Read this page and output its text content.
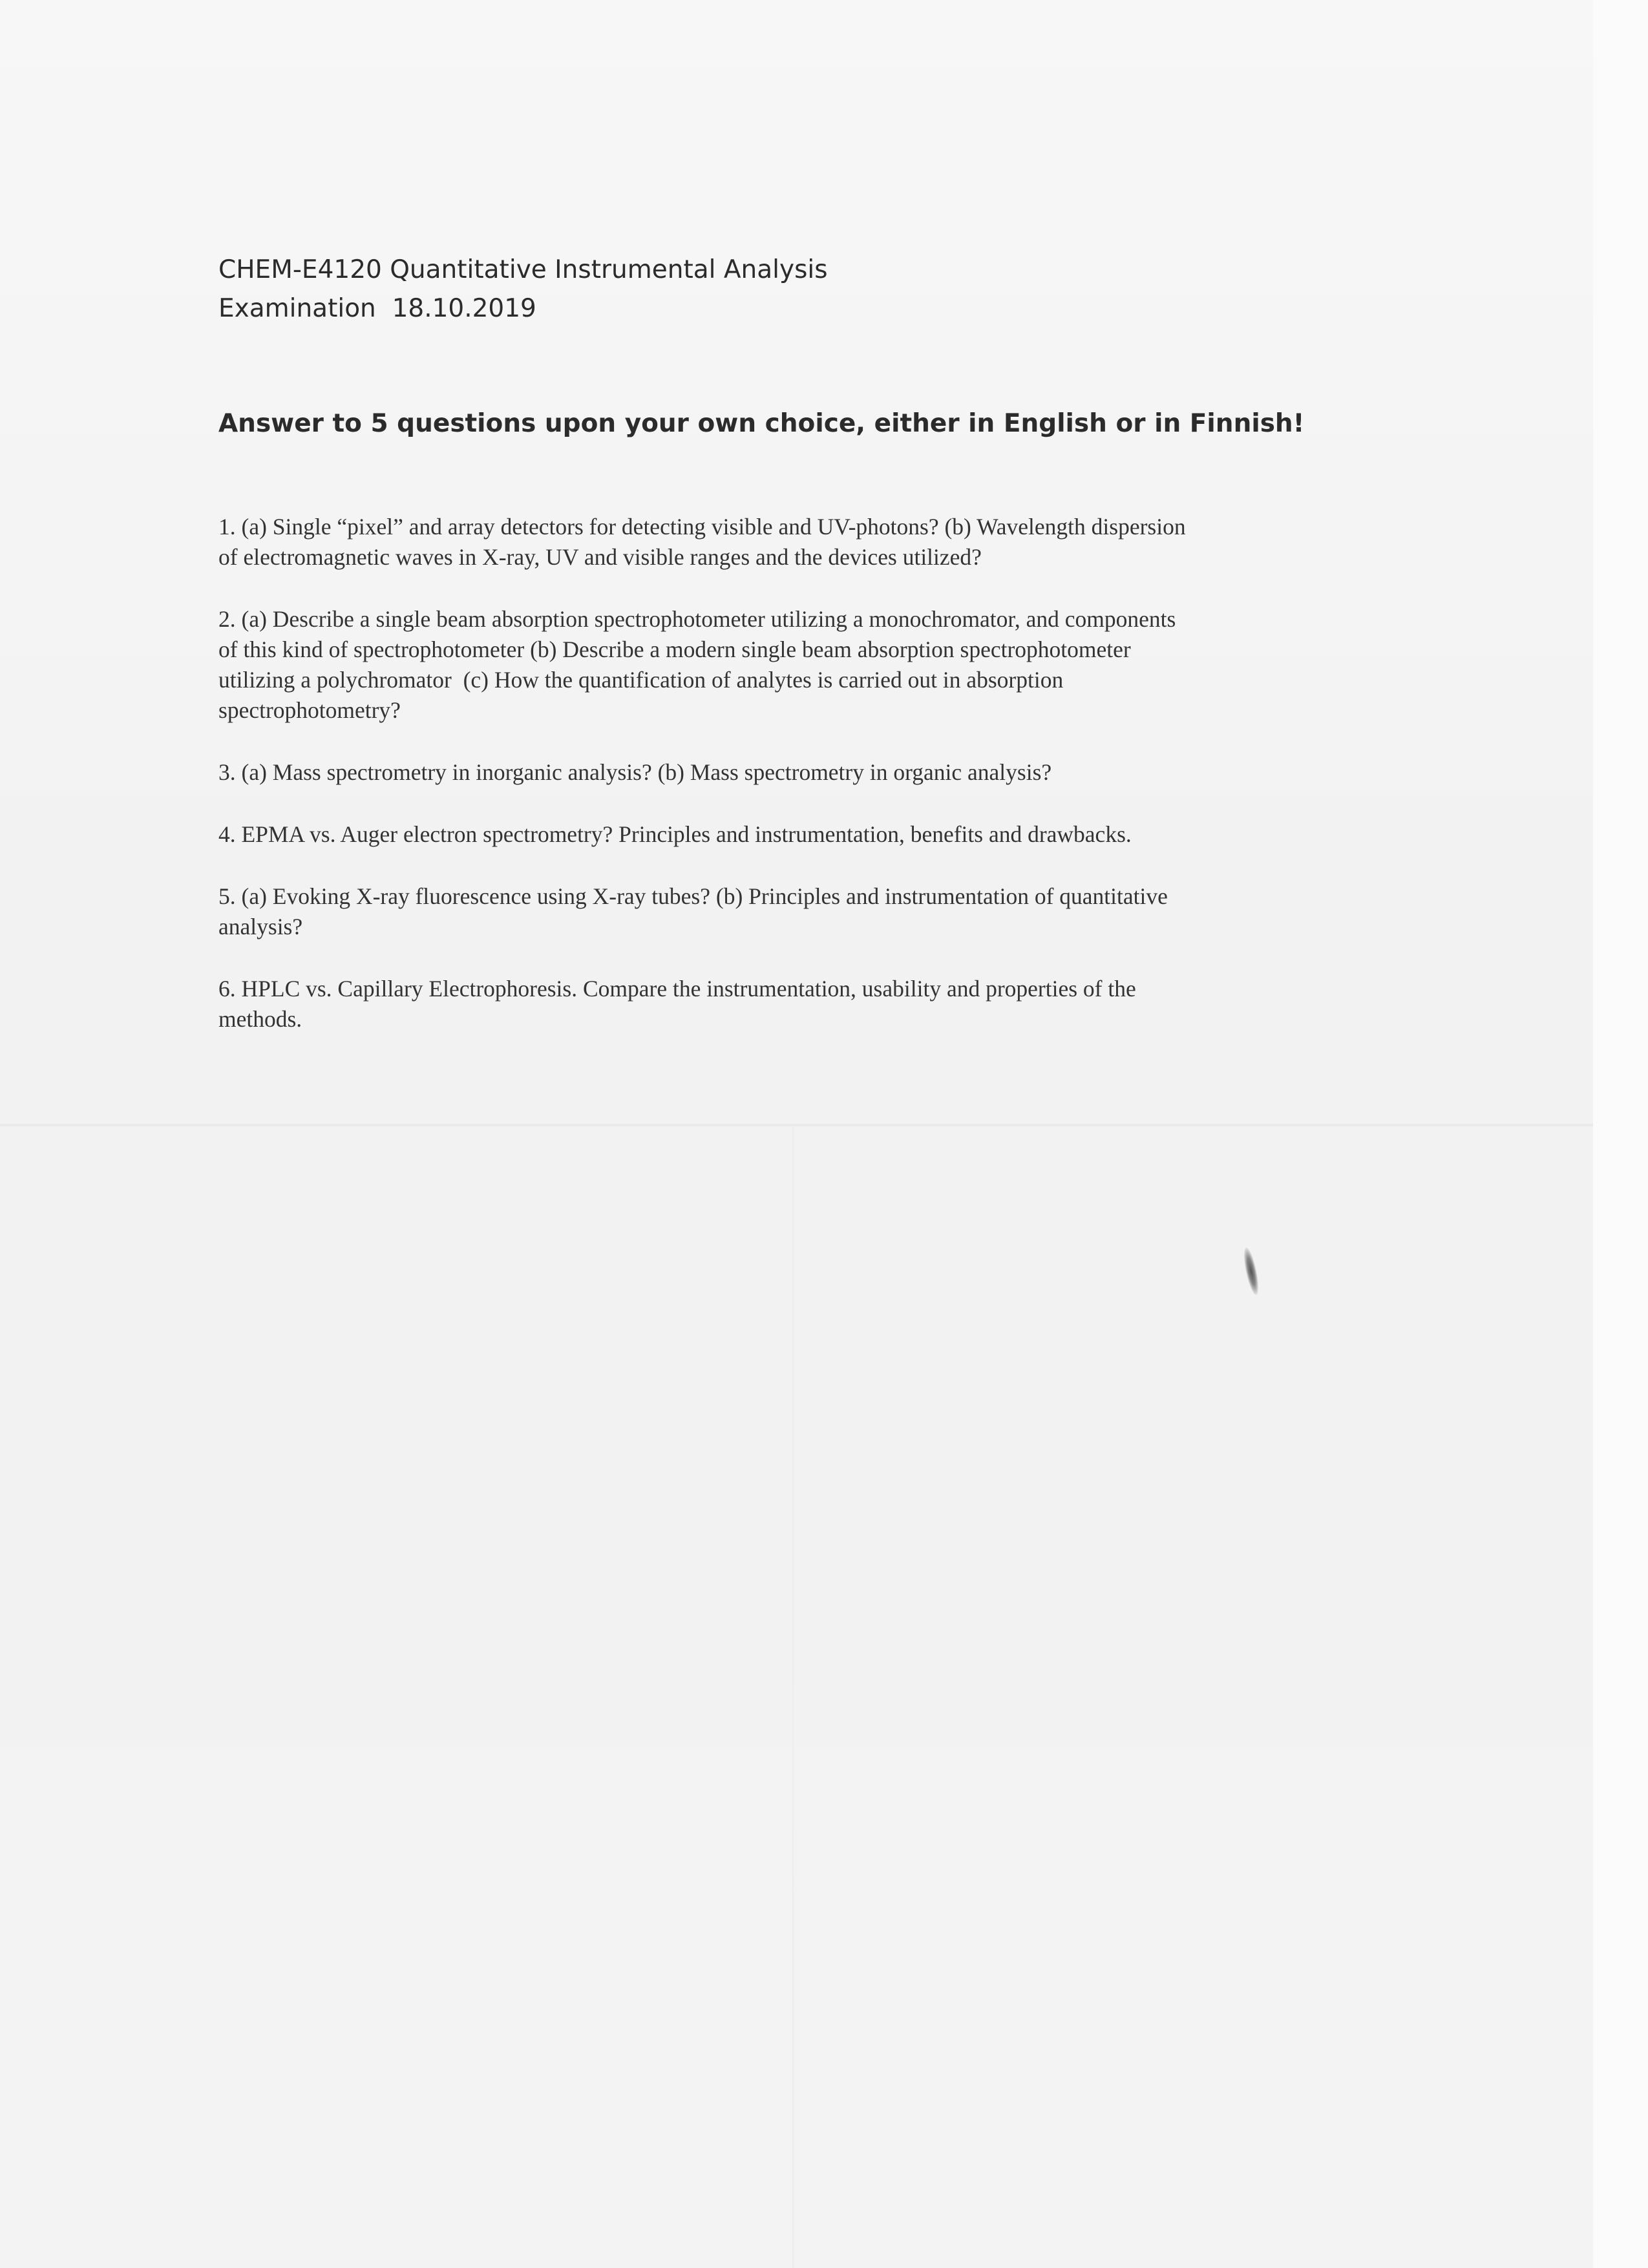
CHEM-E4120 Quantitative Instrumental Analysis
Examination  18.10.2019
Answer to 5 questions upon your own choice, either in English or in Finnish!
1. (a) Single “pixel” and array detectors for detecting visible and UV-photons? (b) Wavelength dispersion
of electromagnetic waves in X-ray, UV and visible ranges and the devices utilized?
2. (a) Describe a single beam absorption spectrophotometer utilizing a monochromator, and components
of this kind of spectrophotometer (b) Describe a modern single beam absorption spectrophotometer
utilizing a polychromator  (c) How the quantification of analytes is carried out in absorption
spectrophotometry?
3. (a) Mass spectrometry in inorganic analysis? (b) Mass spectrometry in organic analysis?
4. EPMA vs. Auger electron spectrometry? Principles and instrumentation, benefits and drawbacks.
5. (a) Evoking X-ray fluorescence using X-ray tubes? (b) Principles and instrumentation of quantitative
analysis?
6. HPLC vs. Capillary Electrophoresis. Compare the instrumentation, usability and properties of the
methods.
